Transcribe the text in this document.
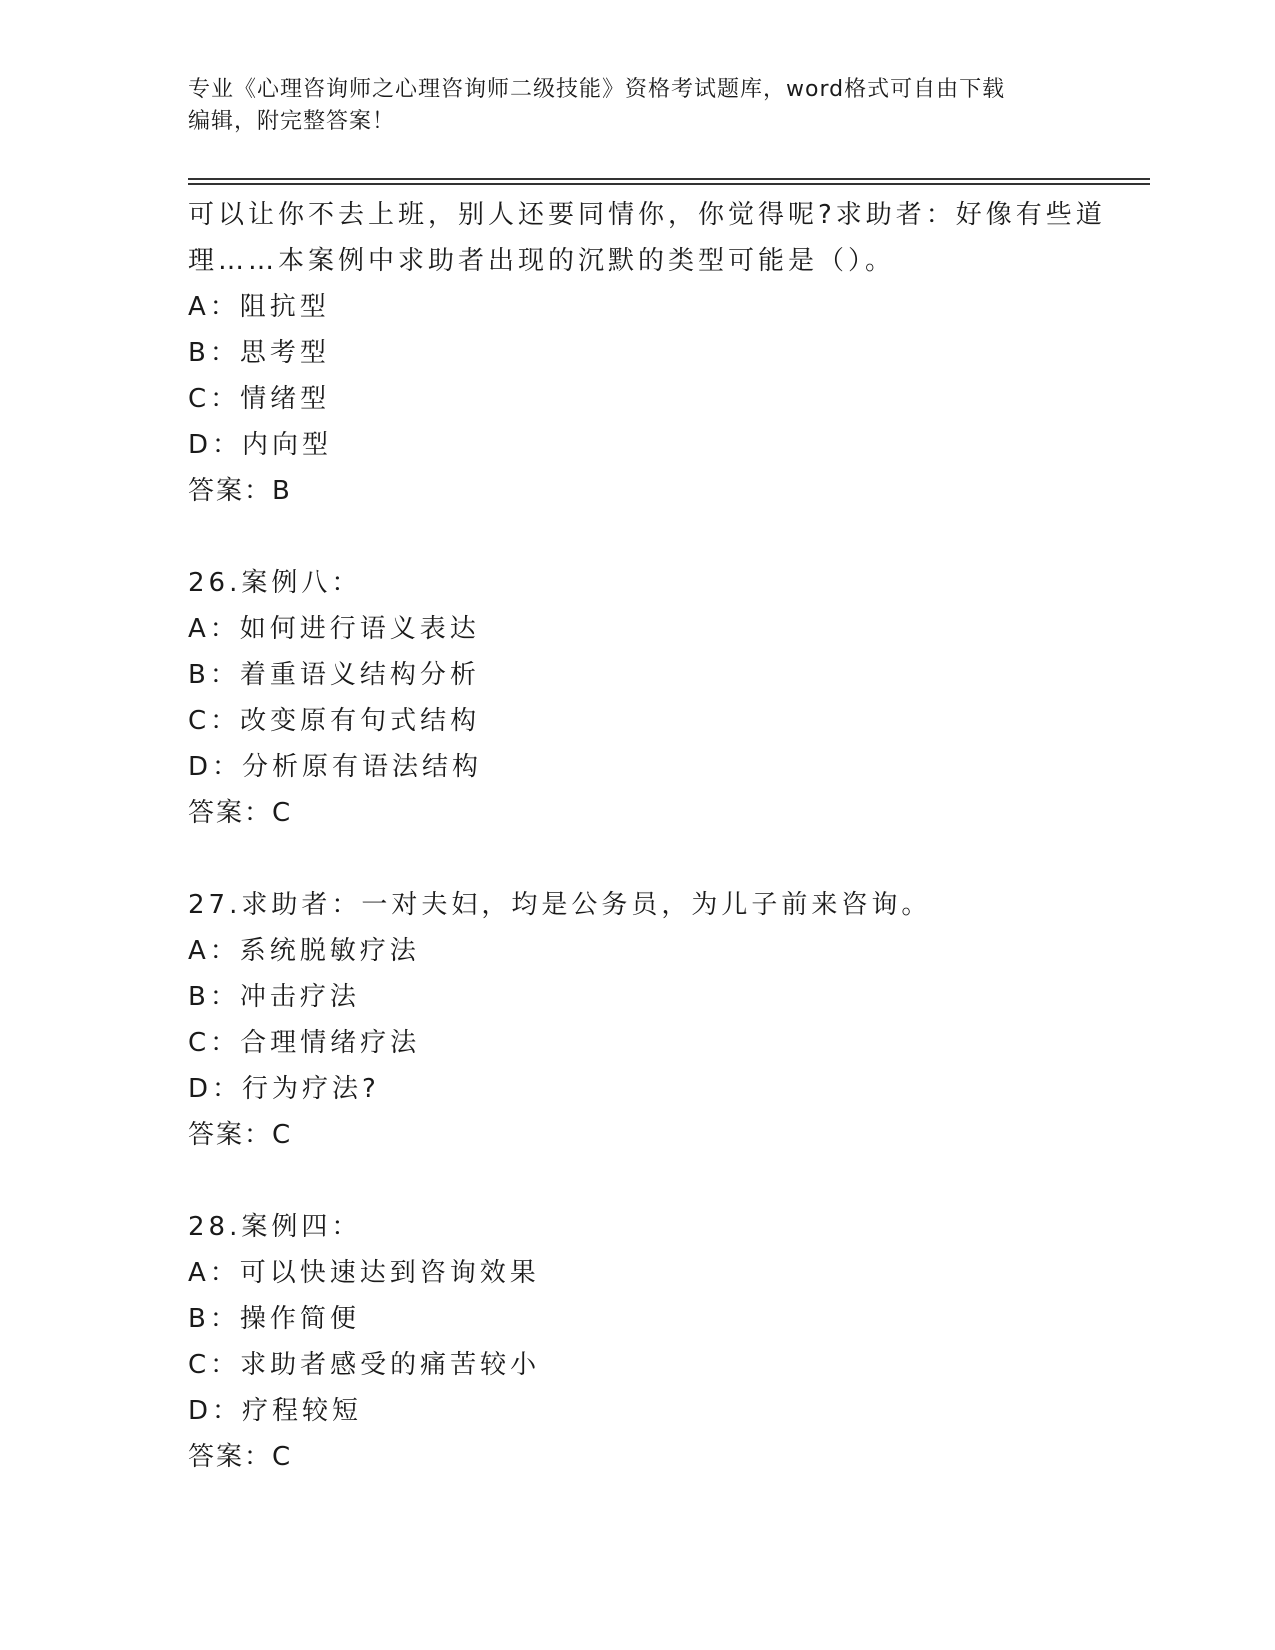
专业《心理咨询师之心理咨询师二级技能》资格考试题库，word格式可自由下载
编辑，附完整答案！
可以让你不去上班，别人还要同情你，你觉得呢?求助者：好像有些道
理……本案例中求助者出现的沉默的类型可能是（）。
A：阻抗型
B：思考型
C：情绪型
D：内向型
答案：B
26.案例八：
A：如何进行语义表达
B：着重语义结构分析
C：改变原有句式结构
D：分析原有语法结构
答案：C
27.求助者：一对夫妇，均是公务员，为儿子前来咨询。
A：系统脱敏疗法
B：冲击疗法
C：合理情绪疗法
D：行为疗法?
答案：C
28.案例四：
A：可以快速达到咨询效果
B：操作简便
C：求助者感受的痛苦较小
D：疗程较短
答案：C
